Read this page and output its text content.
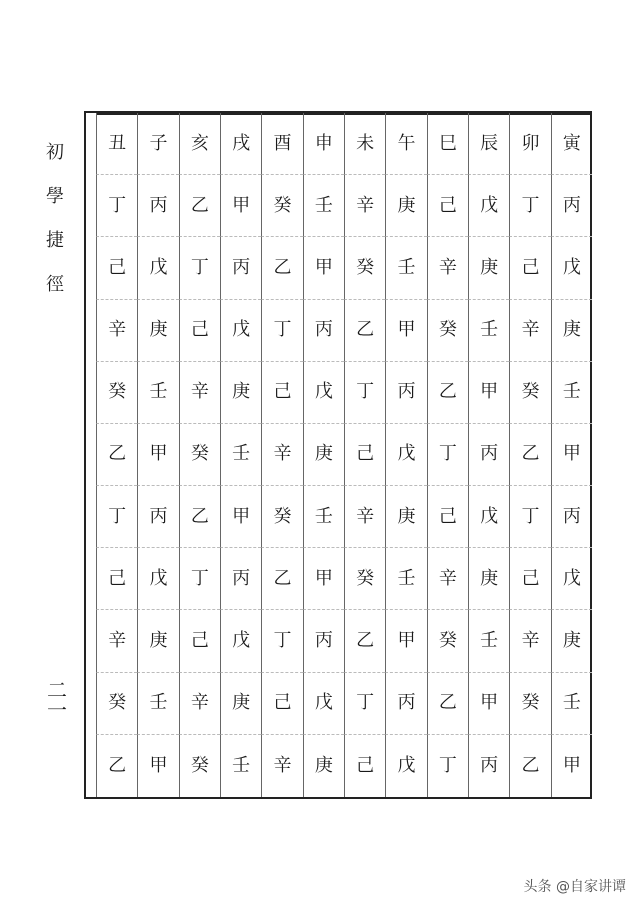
初
學
捷
徑
二
一
丑	子	亥	戌	酉	申	未	午	巳	辰	卯	寅
丁	丙	乙	甲	癸	壬	辛	庚	己	戊	丁	丙
己	戊	丁	丙	乙	甲	癸	壬	辛	庚	己	戊
辛	庚	己	戊	丁	丙	乙	甲	癸	壬	辛	庚
癸	壬	辛	庚	己	戊	丁	丙	乙	甲	癸	壬
乙	甲	癸	壬	辛	庚	己	戊	丁	丙	乙	甲
丁	丙	乙	甲	癸	壬	辛	庚	己	戊	丁	丙
己	戊	丁	丙	乙	甲	癸	壬	辛	庚	己	戊
辛	庚	己	戊	丁	丙	乙	甲	癸	壬	辛	庚
癸	壬	辛	庚	己	戊	丁	丙	乙	甲	癸	壬
乙	甲	癸	壬	辛	庚	己	戊	丁	丙	乙	甲
头条 @自家讲谭
